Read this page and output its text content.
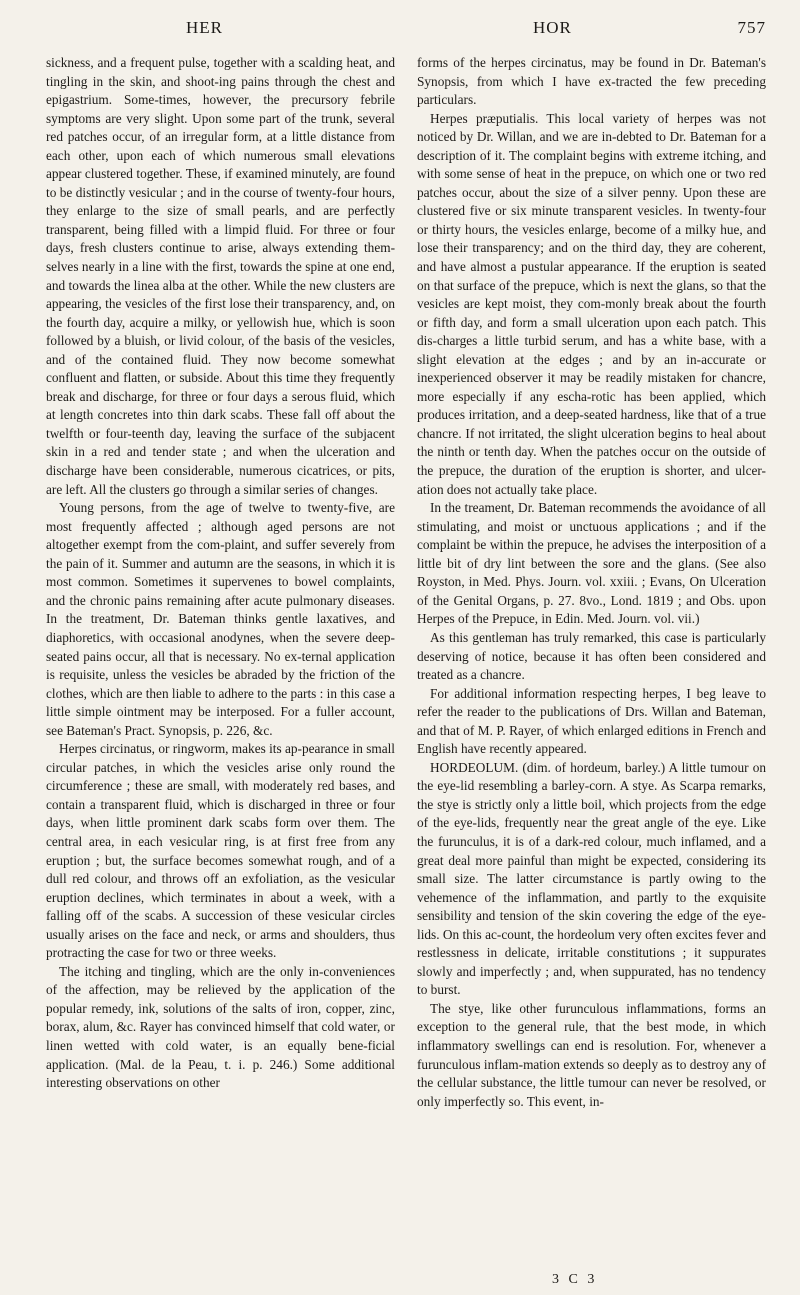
HER	HOR	757

sickness, and a frequent pulse, together with a scalding heat, and tingling in the skin, and shoot-ing pains through the chest and epigastrium. Some-times, however, the precursory febrile symptoms are very slight. Upon some part of the trunk, several red patches occur, of an irregular form, at a little distance from each other, upon each of which numerous small elevations appear clustered together. These, if examined minutely, are found to be distinctly vesicular ; and in the course of twenty-four hours, they enlarge to the size of small pearls, and are perfectly transparent, being filled with a limpid fluid. For three or four days, fresh clusters continue to arise, always extending them-selves nearly in a line with the first, towards the spine at one end, and towards the linea alba at the other. While the new clusters are appearing, the vesicles of the first lose their transparency, and, on the fourth day, acquire a milky, or yellowish hue, which is soon followed by a bluish, or livid colour, of the basis of the vesicles, and of the contained fluid. They now become somewhat confluent and flatten, or subside. About this time they frequently break and discharge, for three or four days a serous fluid, which at length concretes into thin dark scabs. These fall off about the twelfth or four-teenth day, leaving the surface of the subjacent skin in a red and tender state ; and when the ulceration and discharge have been considerable, numerous cicatrices, or pits, are left. All the clusters go through a similar series of changes.

Young persons, from the age of twelve to twenty-five, are most frequently affected ; although aged persons are not altogether exempt from the com-plaint, and suffer severely from the pain of it. Summer and autumn are the seasons, in which it is most common. Sometimes it supervenes to bowel complaints, and the chronic pains remaining after acute pulmonary diseases. In the treatment, Dr. Bateman thinks gentle laxatives, and diaphoretics, with occasional anodynes, when the severe deep-seated pains occur, all that is necessary. No ex-ternal application is requisite, unless the vesicles be abraded by the friction of the clothes, which are then liable to adhere to the parts : in this case a little simple ointment may be interposed. For a fuller account, see Bateman's Pract. Synopsis, p. 226, &c.

Herpes circinatus, or ringworm, makes its ap-pearance in small circular patches, in which the vesicles arise only round the circumference ; these are small, with moderately red bases, and contain a transparent fluid, which is discharged in three or four days, when little prominent dark scabs form over them. The central area, in each vesicular ring, is at first free from any eruption ; but, the surface becomes somewhat rough, and of a dull red colour, and throws off an exfoliation, as the vesicular eruption declines, which terminates in about a week, with a falling off of the scabs. A succession of these vesicular circles usually arises on the face and neck, or arms and shoulders, thus protracting the case for two or three weeks.

The itching and tingling, which are the only in-conveniences of the affection, may be relieved by the application of the popular remedy, ink, solutions of the salts of iron, copper, zinc, borax, alum, &c. Rayer has convinced himself that cold water, or linen wetted with cold water, is an equally bene-ficial application. (Mal. de la Peau, t. i. p. 246.) Some additional interesting observations on other

forms of the herpes circinatus, may be found in Dr. Bateman's Synopsis, from which I have ex-tracted the few preceding particulars.

Herpes præputialis. This local variety of herpes was not noticed by Dr. Willan, and we are in-debted to Dr. Bateman for a description of it. The complaint begins with extreme itching, and with some sense of heat in the prepuce, on which one or two red patches occur, about the size of a silver penny. Upon these are clustered five or six minute transparent vesicles. In twenty-four or thirty hours, the vesicles enlarge, become of a milky hue, and lose their transparency; and on the third day, they are coherent, and have almost a pustular appearance. If the eruption is seated on that surface of the prepuce, which is next the glans, so that the vesicles are kept moist, they com-monly break about the fourth or fifth day, and form a small ulceration upon each patch. This dis-charges a little turbid serum, and has a white base, with a slight elevation at the edges ; and by an in-accurate or inexperienced observer it may be readily mistaken for chancre, more especially if any escha-rotic has been applied, which produces irritation, and a deep-seated hardness, like that of a true chancre. If not irritated, the slight ulceration begins to heal about the ninth or tenth day. When the patches occur on the outside of the prepuce, the duration of the eruption is shorter, and ulcer-ation does not actually take place.

In the treament, Dr. Bateman recommends the avoidance of all stimulating, and moist or unctuous applications ; and if the complaint be within the prepuce, he advises the interposition of a little bit of dry lint between the sore and the glans. (See also Royston, in Med. Phys. Journ. vol. xxiii. ; Evans, On Ulceration of the Genital Organs, p. 27. 8vo., Lond. 1819 ; and Obs. upon Herpes of the Prepuce, in Edin. Med. Journ. vol. vii.)

As this gentleman has truly remarked, this case is particularly deserving of notice, because it has often been considered and treated as a chancre.

For additional information respecting herpes, I beg leave to refer the reader to the publications of Drs. Willan and Bateman, and that of M. P. Rayer, of which enlarged editions in French and English have recently appeared.

HORDEOLUM. (dim. of hordeum, barley.) A little tumour on the eye-lid resembling a barley-corn. A stye. As Scarpa remarks, the stye is strictly only a little boil, which projects from the edge of the eye-lids, frequently near the great angle of the eye. Like the furunculus, it is of a dark-red colour, much inflamed, and a great deal more painful than might be expected, considering its small size. The latter circumstance is partly owing to the vehemence of the inflammation, and partly to the exquisite sensibility and tension of the skin covering the edge of the eye-lids. On this ac-count, the hordeolum very often excites fever and restlessness in delicate, irritable constitutions ; it suppurates slowly and imperfectly ; and, when suppurated, has no tendency to burst.

The stye, like other furunculous inflammations, forms an exception to the general rule, that the best mode, in which inflammatory swellings can end is resolution. For, whenever a furunculous inflam-mation extends so deeply as to destroy any of the cellular substance, the little tumour can never be resolved, or only imperfectly so. This event, in-

3 C 3
